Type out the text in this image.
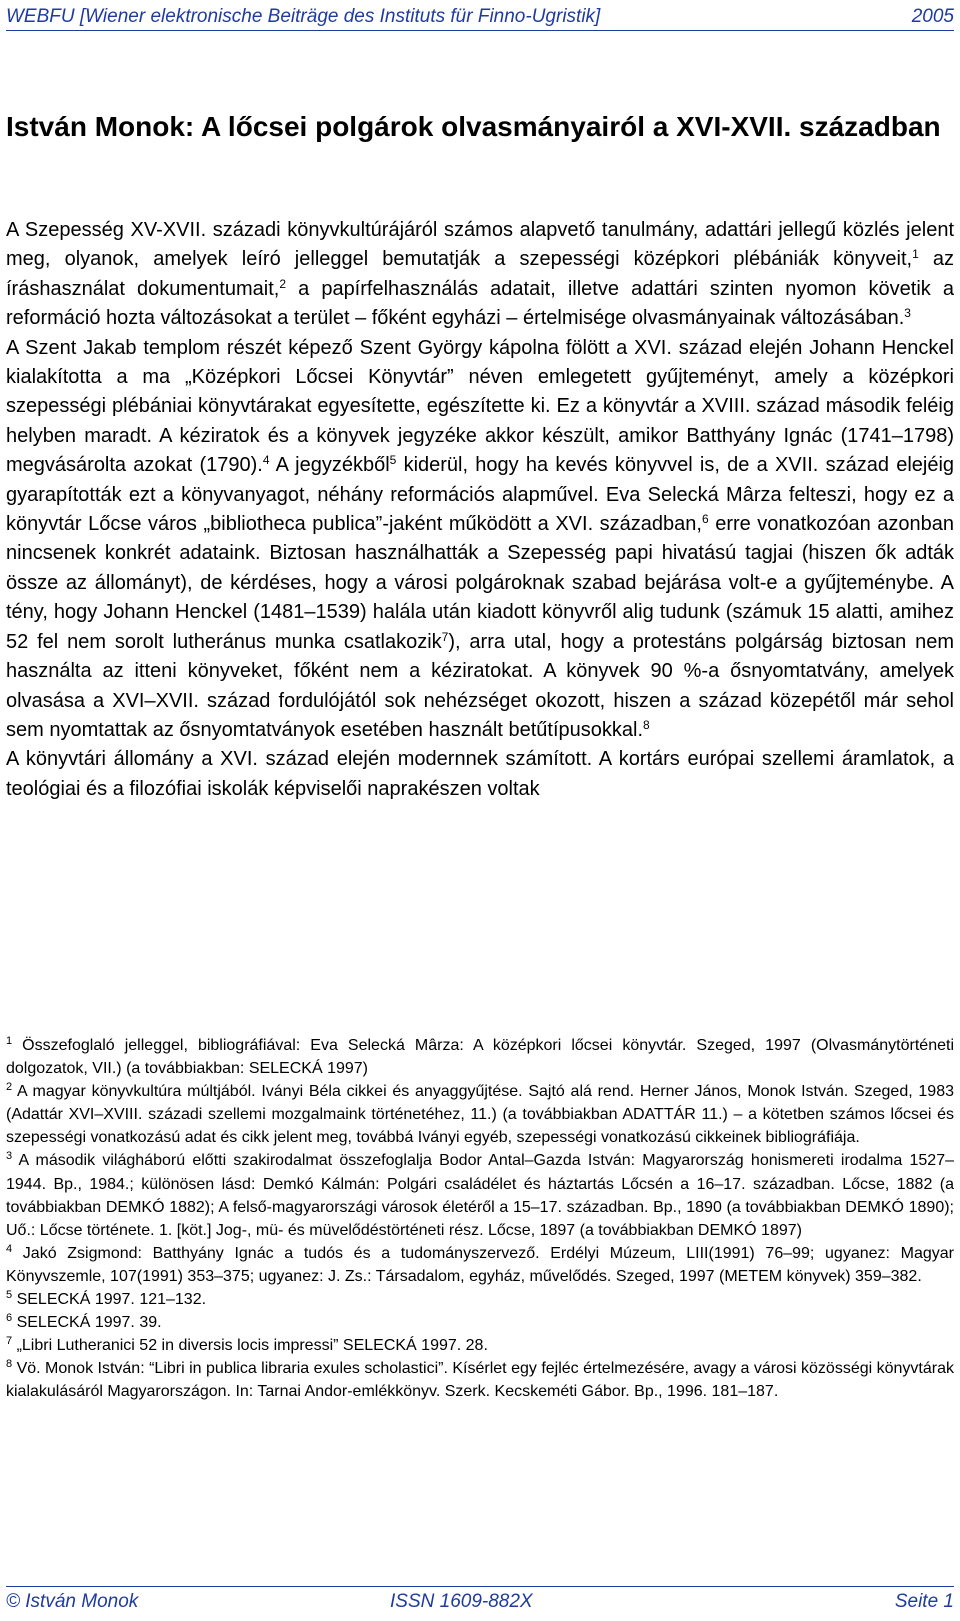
WEBFU [Wiener elektronische Beiträge des Instituts für Finno-Ugristik]	2005
István Monok: A lőcsei polgárok olvasmányairól a XVI-XVII. században

A Szepesség XV-XVII. századi könyvkultúrájáról számos alapvető tanulmány, adattári jellegű közlés jelent meg, olyanok, amelyek leíró jelleggel bemutatják a szepességi középkori plébániák könyveit,$^1$ az íráshasználat dokumentumait,$^2$ a papírfelhasználás adatait, illetve adattári szinten nyomon követik a reformáció hozta változásokat a terület – főként egyházi – értelmisége olvasmányainak változásában.$^3$

A Szent Jakab templom részét képező Szent György kápolna fölött a XVI. század elején Johann Henckel kialakította a ma „Középkori Lőcsei Könyvtár” néven emlegetett gyűjteményt, amely a középkori szepességi plébániai könyvtárakat egyesítette, egészítette ki. Ez a könyvtár a XVIII. század második feléig helyben maradt. A kéziratok és a könyvek jegyzéke akkor készült, amikor Batthyány Ignác (1741–1798) megvásárolta azokat (1790).$^4$ A jegyzékből$^5$ kiderül, hogy ha kevés könyvvel is, de a XVII. század elejéig gyarapították ezt a könyvanyagot, néhány reformációs alapművel. Eva Selecká Mârza felteszi, hogy ez a könyvtár Lőcse város „bibliotheca publica”-jaként működött a XVI. században,$^6$ erre vonatkozóan azonban nincsenek konkrét adataink. Biztosan használhatták a Szepesség papi hivatású tagjai (hiszen ők adták össze az állományt), de kérdéses, hogy a városi polgároknak szabad bejárása volt-e a gyűjteménybe. A tény, hogy Johann Henckel (1481–1539) halála után kiadott könyvről alig tudunk (számuk 15 alatti, amihez 52 fel nem sorolt lutheránus munka csatlakozik$^7$), arra utal, hogy a protestáns polgárság biztosan nem használta az itteni könyveket, főként nem a kéziratokat. A könyvek 90 %-a ősnyomtatvány, amelyek olvasása a XVI–XVII. század fordulójától sok nehézséget okozott, hiszen a század közepétől már sehol sem nyomtattak az ősnyomtatványok esetében használt betűtípusokkal.$^8$

A könyvtári állomány a XVI. század elején modernnek számított. A kortárs európai szellemi áramlatok, a teológiai és a filozófiai iskolák képviselői naprakészen voltak

$^1$ Összefoglaló jelleggel, bibliográfiával: Eva Selecká Mârza: A középkori lőcsei könyvtár. Szeged, 1997 (Olvasmánytörténeti dolgozatok, VII.) (a továbbiakban: SELECKÁ 1997)

$^2$ A magyar könyvkultúra múltjából. Iványi Béla cikkei és anyaggyűjtése. Sajtó alá rend. Herner János, Monok István. Szeged, 1983 (Adattár XVI–XVIII. századi szellemi mozgalmaink történetéhez, 11.) (a továbbiakban ADATTÁR 11.) – a kötetben számos lőcsei és szepességi vonatkozású adat és cikk jelent meg, továbbá Iványi egyéb, szepességi vonatkozású cikkeinek bibliográfiája.

$^3$ A második világháború előtti szakirodalmat összefoglalja Bodor Antal–Gazda István: Magyarország honismereti irodalma 1527–1944. Bp., 1984.; különösen lásd: Demkó Kálmán: Polgári családélet és háztartás Lőcsén a 16–17. században. Lőcse, 1882 (a továbbiakban DEMKÓ 1882); A felső-magyarországi városok életéről a 15–17. században. Bp., 1890 (a továbbiakban DEMKÓ 1890); Uő.: Lőcse története. 1. [köt.] Jog-, mü- és müvelődéstörténeti rész. Lőcse, 1897 (a továbbiakban DEMKÓ 1897)

$^4$ Jakó Zsigmond: Batthyány Ignác a tudós és a tudományszervező. Erdélyi Múzeum, LIII(1991) 76–99; ugyanez: Magyar Könyvszemle, 107(1991) 353–375; ugyanez: J. Zs.: Társadalom, egyház, művelődés. Szeged, 1997 (METEM könyvek) 359–382.

$^5$ SELECKÁ 1997. 121–132.

$^6$ SELECKÁ 1997. 39.

$^7$ „Libri Lutheranici 52 in diversis locis impressi” SELECKÁ 1997. 28.

$^8$ Vö. Monok István: “Libri in publica libraria exules scholastici”. Kísérlet egy fejléc értelmezésére, avagy a városi közösségi könyvtárak kialakulásáról Magyarországon. In: Tarnai Andor-emlékkönyv. Szerk. Kecskeméti Gábor. Bp., 1996. 181–187.

© István Monok	ISSN 1609-882X	Seite 1
